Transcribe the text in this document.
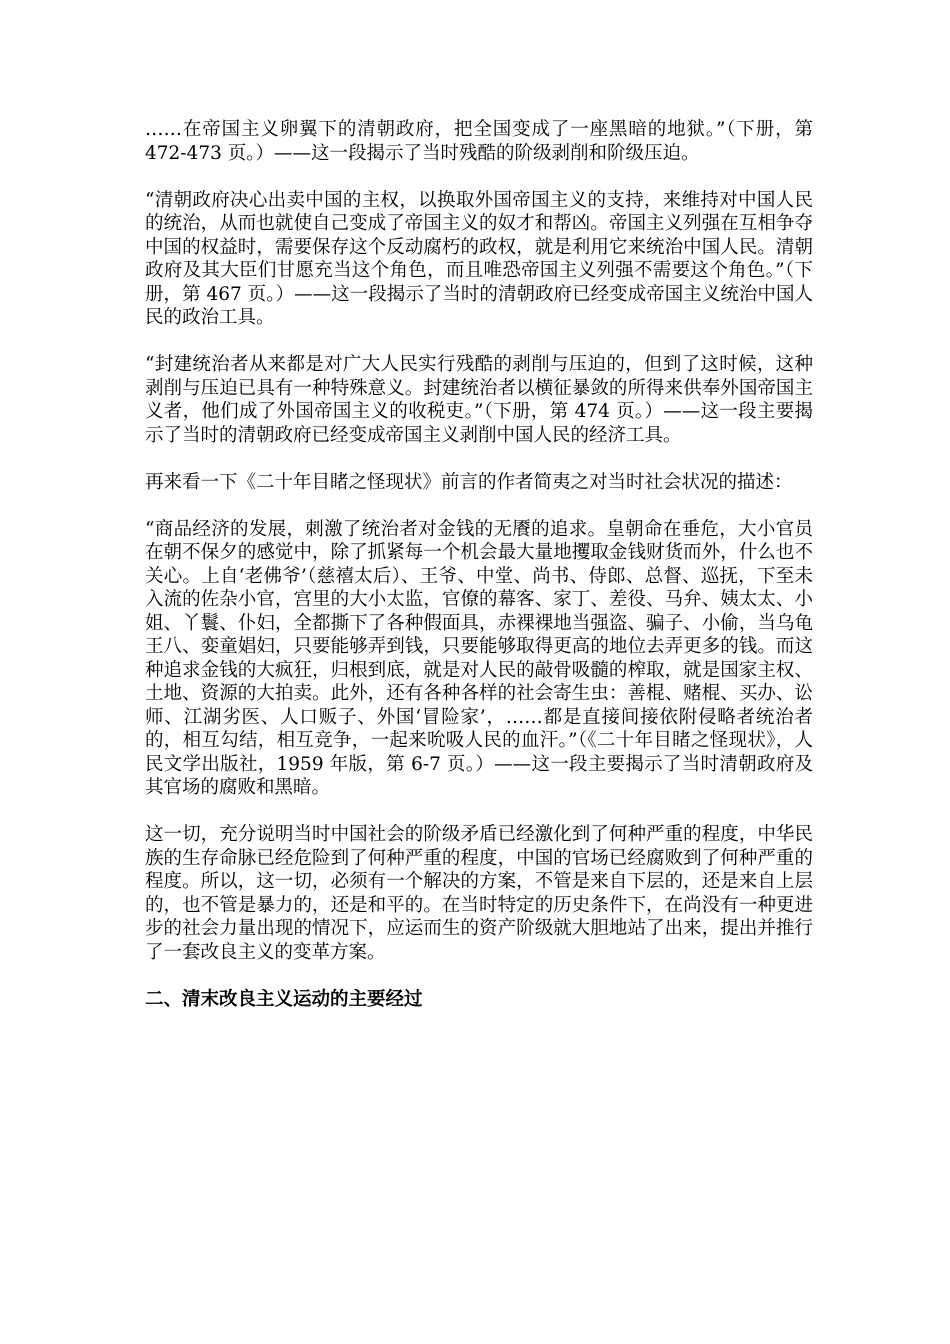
……在帝国主义卵翼下的清朝政府，把全国变成了一座黑暗的地狱。”（下册，第 472-473 页。）——这一段揭示了当时残酷的阶级剥削和阶级压迫。

“清朝政府决心出卖中国的主权，以换取外国帝国主义的支持，来维持对中国人民的统治，从而也就使自己变成了帝国主义的奴才和帮凶。帝国主义列强在互相争夺中国的权益时，需要保存这个反动腐朽的政权，就是利用它来统治中国人民。清朝政府及其大臣们甘愿充当这个角色，而且唯恐帝国主义列强不需要这个角色。”（下册，第 467 页。）——这一段揭示了当时的清朝政府已经变成帝国主义统治中国人民的政治工具。

“封建统治者从来都是对广大人民实行残酷的剥削与压迫的，但到了这时候，这种剥削与压迫已具有一种特殊意义。封建统治者以横征暴敛的所得来供奉外国帝国主义者，他们成了外国帝国主义的收税吏。”（下册，第 474 页。）——这一段主要揭示了当时的清朝政府已经变成帝国主义剥削中国人民的经济工具。

再来看一下《二十年目睹之怪现状》前言的作者简夷之对当时社会状况的描述：

“商品经济的发展，刺激了统治者对金钱的无餍的追求。皇朝命在垂危，大小官员在朝不保夕的感觉中，除了抓紧每一个机会最大量地攫取金钱财货而外，什么也不关心。上自‘老佛爷’（慈禧太后）、王爷、中堂、尚书、侍郎、总督、巡抚，下至未入流的佐杂小官，宫里的大小太监，官僚的幕客、家丁、差役、马弁、姨太太、小姐、丫鬟、仆妇，全都撕下了各种假面具，赤裸裸地当强盗、骗子、小偷，当乌龟王八、娈童娼妇，只要能够弄到钱，只要能够取得更高的地位去弄更多的钱。而这种追求金钱的大疯狂，归根到底，就是对人民的敲骨吸髓的榨取，就是国家主权、土地、资源的大拍卖。此外，还有各种各样的社会寄生虫：善棍、赌棍、买办、讼师、江湖劣医、人口贩子、外国‘冒险家’，……都是直接间接依附侵略者统治者的，相互勾结，相互竞争，一起来吮吸人民的血汗。”（《二十年目睹之怪现状》，人民文学出版社，1959 年版，第 6-7 页。）——这一段主要揭示了当时清朝政府及其官场的腐败和黑暗。

这一切，充分说明当时中国社会的阶级矛盾已经激化到了何种严重的程度，中华民族的生存命脉已经危险到了何种严重的程度，中国的官场已经腐败到了何种严重的程度。所以，这一切，必须有一个解决的方案，不管是来自下层的，还是来自上层的，也不管是暴力的，还是和平的。在当时特定的历史条件下，在尚没有一种更进步的社会力量出现的情况下，应运而生的资产阶级就大胆地站了出来，提出并推行了一套改良主义的变革方案。

二、清末改良主义运动的主要经过
